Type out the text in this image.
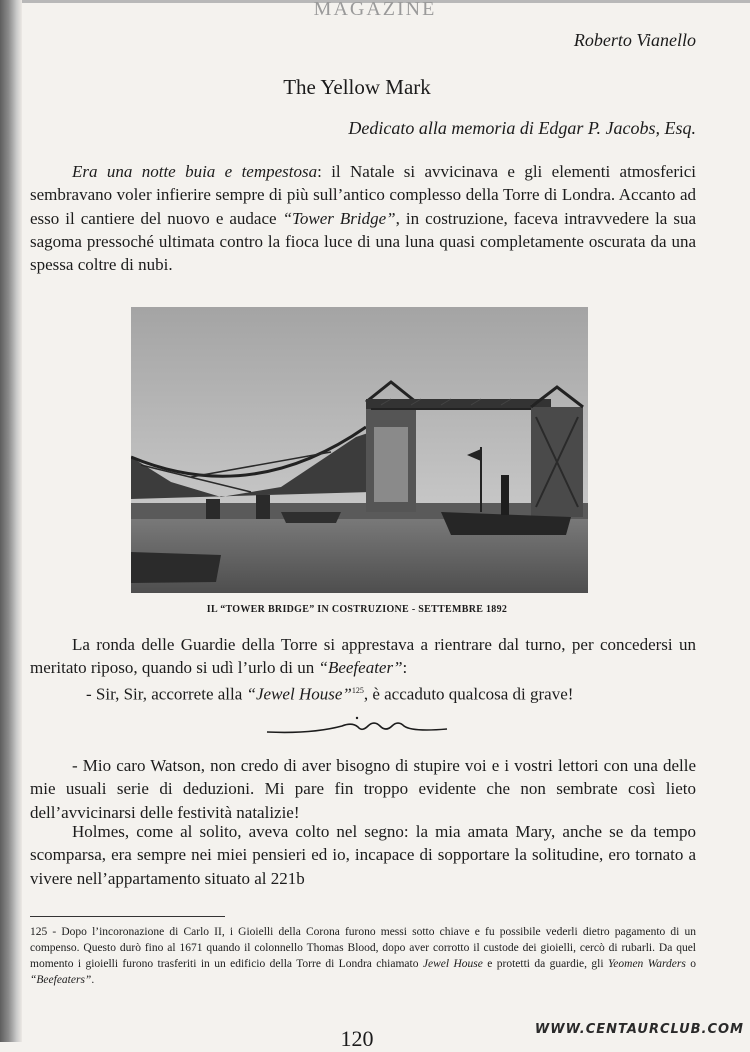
MAGAZINE
Roberto Vianello
The Yellow Mark
Dedicato alla memoria di Edgar P. Jacobs, Esq.

Era una notte buia e tempestosa: il Natale si avvicinava e gli elementi atmosferici sembravano voler infierire sempre di più sull’antico complesso della Torre di Londra. Accanto ad esso il cantiere del nuovo e audace “Tower Bridge”, in costruzione, faceva intravvedere la sua sagoma pressoché ultimata contro la fioca luce di una luna quasi completamente oscurata da una spessa coltre di nubi.

IL “TOWER BRIDGE” IN COSTRUZIONE - SETTEMBRE 1892

La ronda delle Guardie della Torre si apprestava a rientrare dal turno, per concedersi un meritato riposo, quando si udì l’urlo di un “Beefeater”:

- Sir, Sir, accorrete alla “Jewel House”$^{125}$, è accaduto qualcosa di grave!

- Mio caro Watson, non credo di aver bisogno di stupire voi e i vostri lettori con una delle mie usuali serie di deduzioni. Mi pare fin troppo evidente che non sembrate così lieto dell’avvicinarsi delle festività natalizie!

Holmes, come al solito, aveva colto nel segno: la mia amata Mary, anche se da tempo scomparsa, era sempre nei miei pensieri ed io, incapace di sopportare la solitudine, ero tornato a vivere nell’appartamento situato al 221b

125 - Dopo l’incoronazione di Carlo II, i Gioielli della Corona furono messi sotto chiave e fu possibile vederli dietro pagamento di un compenso. Questo durò fino al 1671 quando il colonnello Thomas Blood, dopo aver corrotto il custode dei gioielli, cercò di rubarli. Da quel momento i gioielli furono trasferiti in un edificio della Torre di Londra chiamato Jewel House e protetti da guardie, gli Yeomen Warders o “Beefeaters”.

120	WWW.CENTAURCLUB.COM
